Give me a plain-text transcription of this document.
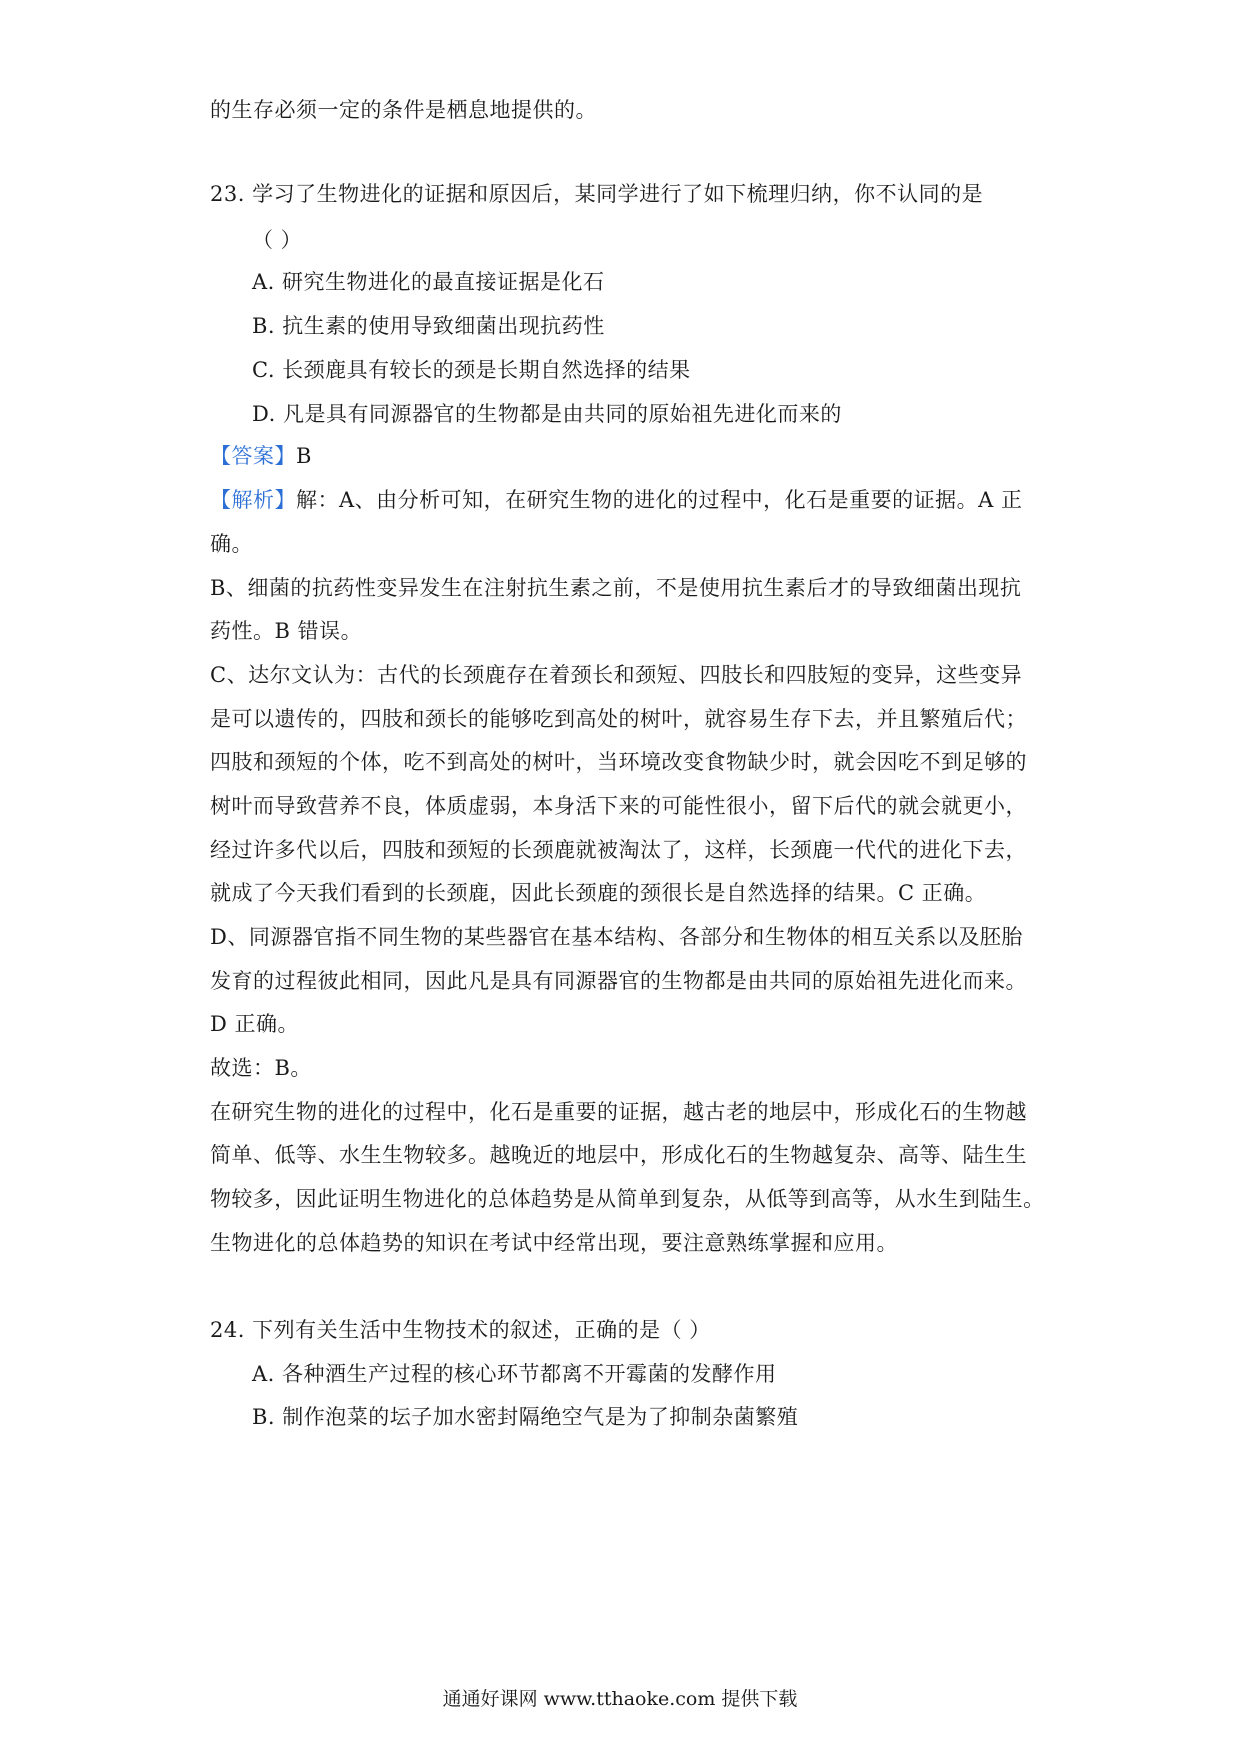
的生存必须一定的条件是栖息地提供的。
23. 学习了生物进化的证据和原因后，某同学进行了如下梳理归纳，你不认同的是
（ ）
A. 研究生物进化的最直接证据是化石
B. 抗生素的使用导致细菌出现抗药性
C. 长颈鹿具有较长的颈是长期自然选择的结果
D. 凡是具有同源器官的生物都是由共同的原始祖先进化而来的
【答案】B
【解析】解：A、由分析可知，在研究生物的进化的过程中，化石是重要的证据。A 正
确。
B、细菌的抗药性变异发生在注射抗生素之前，不是使用抗生素后才的导致细菌出现抗
药性。B 错误。
C、达尔文认为：古代的长颈鹿存在着颈长和颈短、四肢长和四肢短的变异，这些变异
是可以遗传的，四肢和颈长的能够吃到高处的树叶，就容易生存下去，并且繁殖后代；
四肢和颈短的个体，吃不到高处的树叶，当环境改变食物缺少时，就会因吃不到足够的
树叶而导致营养不良，体质虚弱，本身活下来的可能性很小，留下后代的就会就更小，
经过许多代以后，四肢和颈短的长颈鹿就被淘汰了，这样，长颈鹿一代代的进化下去，
就成了今天我们看到的长颈鹿，因此长颈鹿的颈很长是自然选择的结果。C 正确。
D、同源器官指不同生物的某些器官在基本结构、各部分和生物体的相互关系以及胚胎
发育的过程彼此相同，因此凡是具有同源器官的生物都是由共同的原始祖先进化而来。
D 正确。
故选：B。
在研究生物的进化的过程中，化石是重要的证据，越古老的地层中，形成化石的生物越
简单、低等、水生生物较多。越晚近的地层中，形成化石的生物越复杂、高等、陆生生
物较多，因此证明生物进化的总体趋势是从简单到复杂，从低等到高等，从水生到陆生。
生物进化的总体趋势的知识在考试中经常出现，要注意熟练掌握和应用。
24. 下列有关生活中生物技术的叙述，正确的是（ ）
A. 各种酒生产过程的核心环节都离不开霉菌的发酵作用
B. 制作泡菜的坛子加水密封隔绝空气是为了抑制杂菌繁殖
通通好课网 www.tthaoke.com 提供下载
